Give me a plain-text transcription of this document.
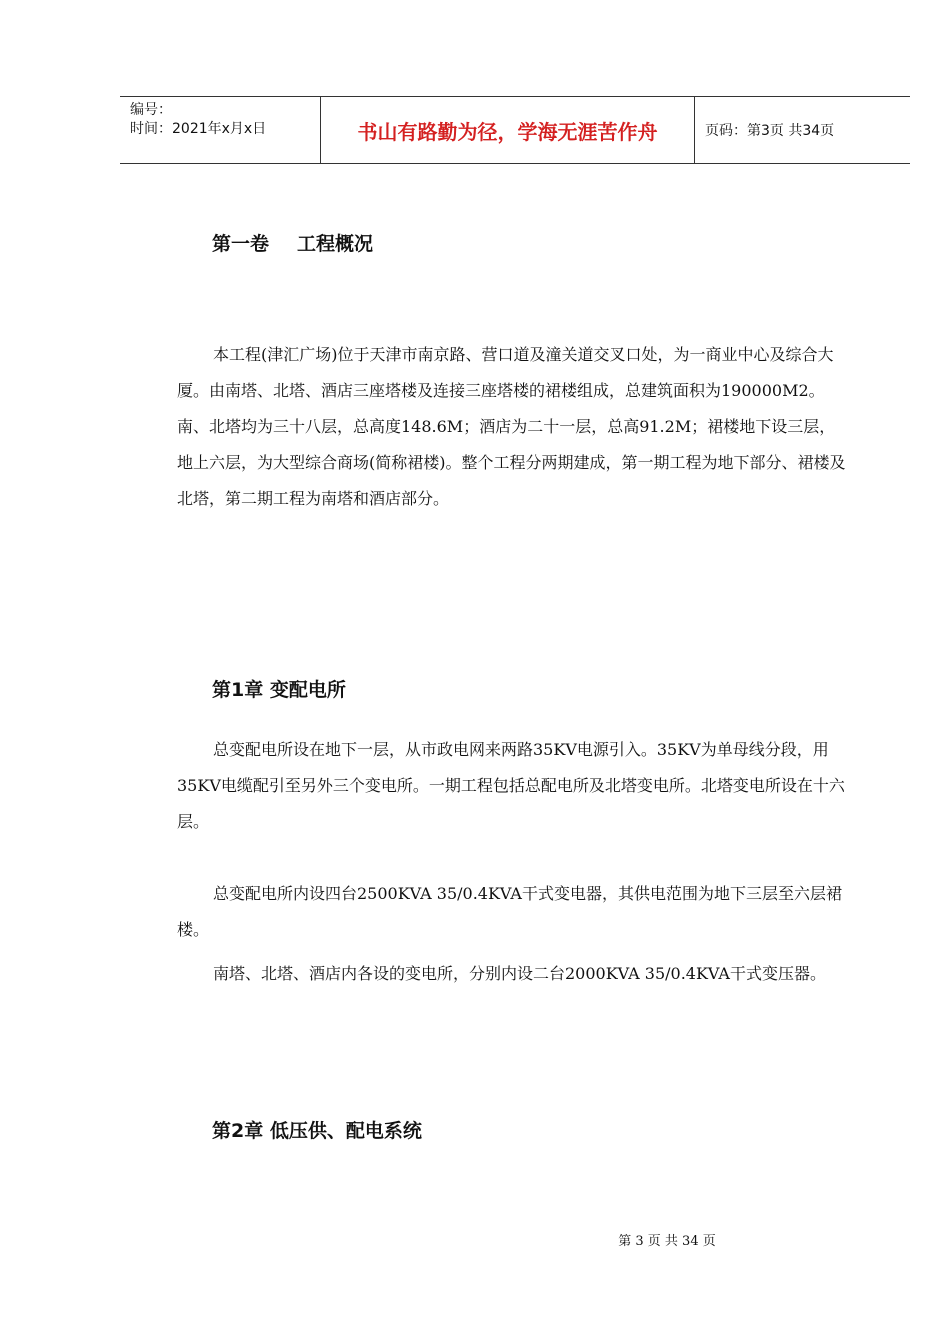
编号：
时间：2021年x月x日	书山有路勤为径，学海无涯苦作舟	页码：第3页 共34页
第一卷 工程概况

本工程(津汇广场)位于天津市南京路、营口道及潼关道交叉口处，为一商业中心及综合大厦。由南塔、北塔、酒店三座塔楼及连接三座塔楼的裙楼组成，总建筑面积为190000M2。南、北塔均为三十八层，总高度148.6M；酒店为二十一层，总高91.2M；裙楼地下设三层，地上六层，为大型综合商场(简称裙楼)。整个工程分两期建成，第一期工程为地下部分、裙楼及北塔，第二期工程为南塔和酒店部分。

第1章 变配电所

总变配电所设在地下一层，从市政电网来两路35KV电源引入。35KV为单母线分段，用35KV电缆配引至另外三个变电所。一期工程包括总配电所及北塔变电所。北塔变电所设在十六层。

总变配电所内设四台2500KVA 35/0.4KVA干式变电器，其供电范围为地下三层至六层裙楼。

南塔、北塔、酒店内各设的变电所，分别内设二台2000KVA 35/0.4KVA干式变压器。

第2章 低压供、配电系统
第 3 页 共 34 页
